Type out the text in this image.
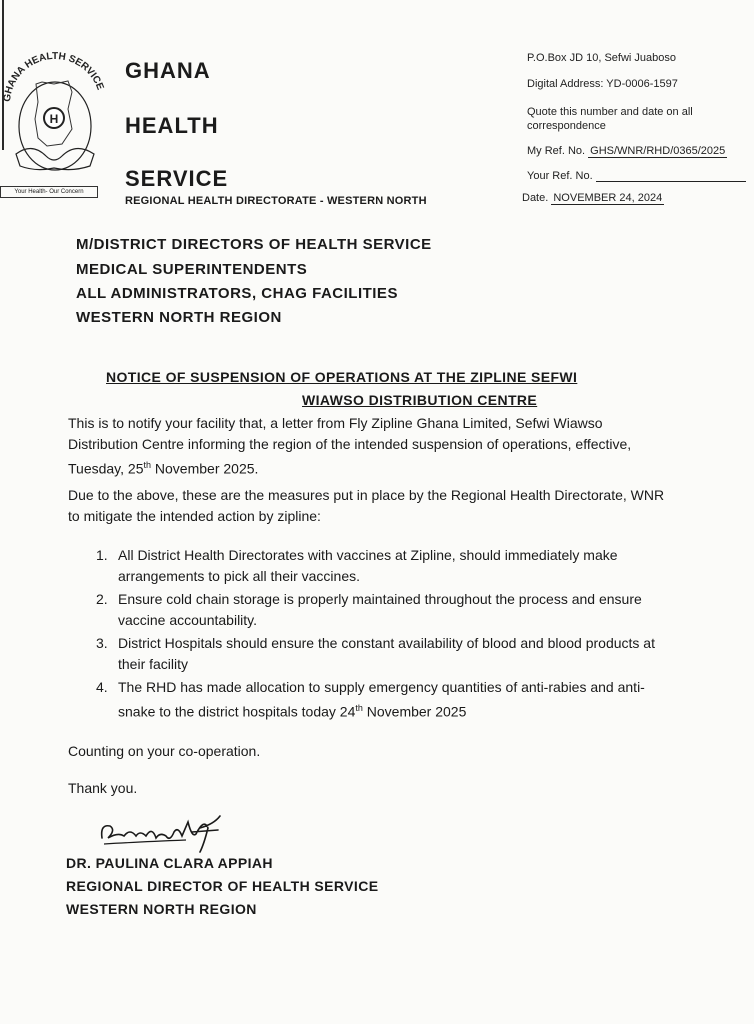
GHANA HEALTH SERVICE
H
Your Health- Our Concern
GHANA
HEALTH
SERVICE
REGIONAL HEALTH DIRECTORATE - WESTERN NORTH
P.O.Box JD 10, Sefwi Juaboso
Digital Address: YD-0006-1597
Quote this number and date on all correspondence
My Ref. No. GHS/WNR/RHD/0365/2025
Your Ref. No.
Date. NOVEMBER 24, 2024
M/DISTRICT DIRECTORS OF HEALTH SERVICE
MEDICAL SUPERINTENDENTS
ALL ADMINISTRATORS, CHAG FACILITIES
WESTERN NORTH REGION
NOTICE OF SUSPENSION OF OPERATIONS AT THE ZIPLINE SEFWI
WIAWSO DISTRIBUTION CENTRE
This is to notify your facility that, a letter from Fly Zipline Ghana Limited, Sefwi Wiawso Distribution Centre informing the region of the intended suspension of operations, effective, Tuesday, 25th November 2025.
Due to the above, these are the measures put in place by the Regional Health Directorate, WNR to mitigate the intended action by zipline:
1. All District Health Directorates with vaccines at Zipline, should immediately make arrangements to pick all their vaccines.
2. Ensure cold chain storage is properly maintained throughout the process and ensure vaccine accountability.
3. District Hospitals should ensure the constant availability of blood and blood products at their facility
4. The RHD has made allocation to supply emergency quantities of anti-rabies and anti-snake to the district hospitals today 24th November 2025
Counting on your co-operation.
Thank you.
DR. PAULINA CLARA APPIAH
REGIONAL DIRECTOR OF HEALTH SERVICE
WESTERN NORTH REGION
